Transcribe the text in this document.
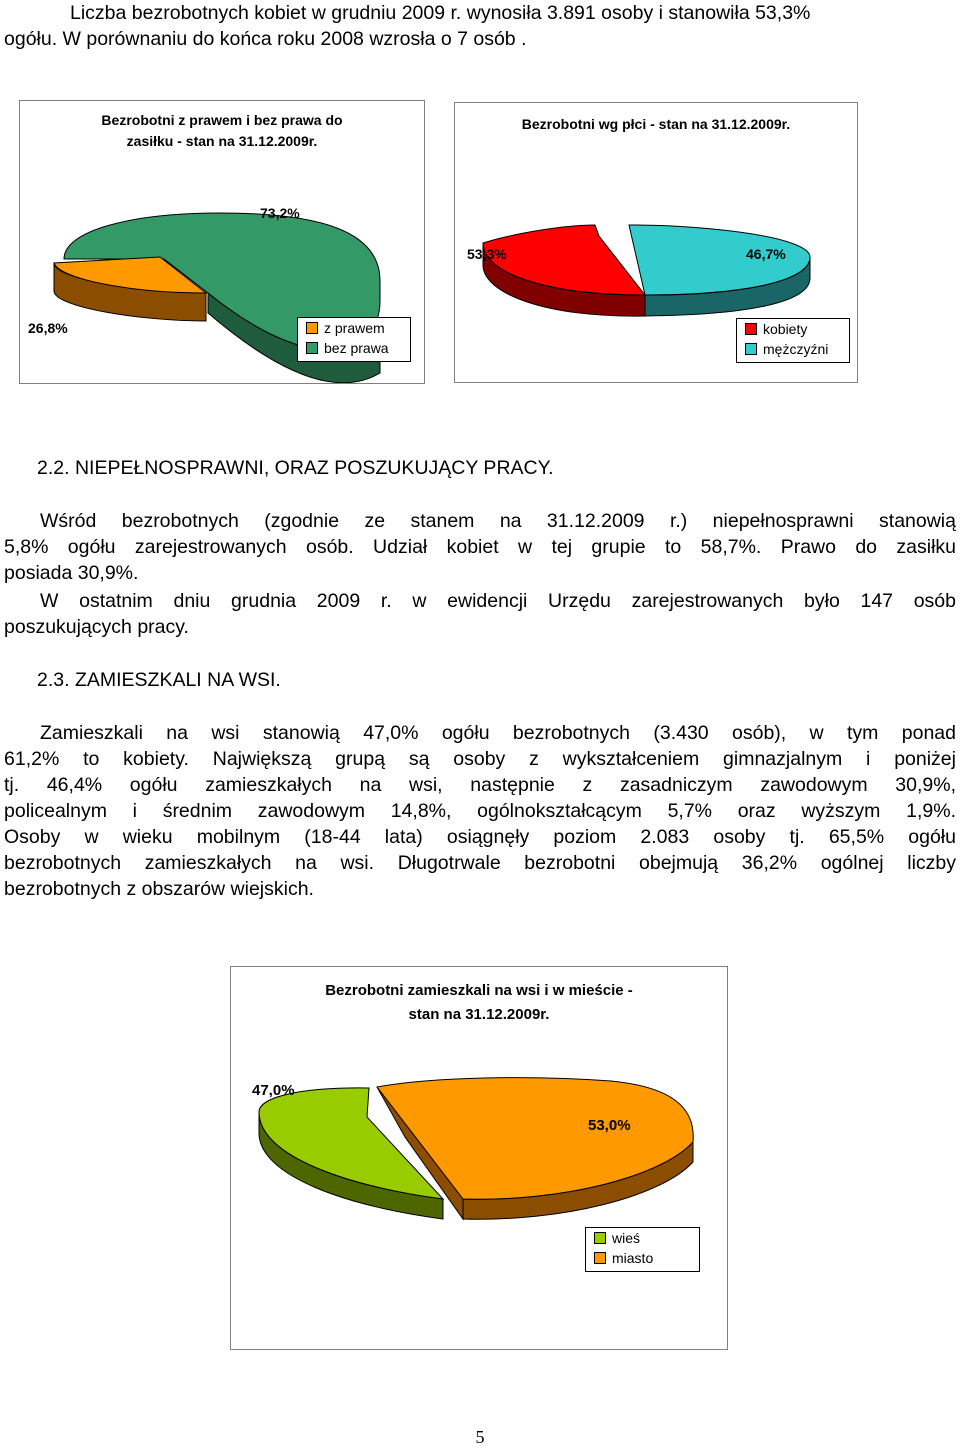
Liczba bezrobotnych kobiet w grudniu 2009 r. wynosiła 3.891 osoby i stanowiła 53,3%
ogółu. W porównaniu do końca roku 2008 wzrosła o 7 osób .
Bezrobotni z prawem i bez prawa do
zasiłku - stan na 31.12.2009r.
73,2%
26,8%	z prawem
bez prawa
Bezrobotni wg płci - stan na 31.12.2009r.
53,3%	46,7%
kobiety
mężczyźni
2.2. NIEPEŁNOSPRAWNI, ORAZ POSZUKUJĄCY PRACY.
Wśród bezrobotnych (zgodnie ze stanem na 31.12.2009 r.) niepełnosprawni stanowią
5,8% ogółu zarejestrowanych osób. Udział kobiet w tej grupie to 58,7%. Prawo do zasiłku
posiada 30,9%.
W ostatnim dniu grudnia 2009 r. w ewidencji Urzędu zarejestrowanych było 147 osób
poszukujących pracy.
2.3. ZAMIESZKALI NA WSI.
Zamieszkali na wsi stanowią 47,0% ogółu bezrobotnych (3.430 osób), w tym ponad
61,2% to kobiety. Największą grupą są osoby z wykształceniem gimnazjalnym i poniżej
tj. 46,4% ogółu zamieszkałych na wsi, następnie z zasadniczym zawodowym 30,9%,
policealnym i średnim zawodowym 14,8%, ogólnokształcącym 5,7% oraz wyższym 1,9%.
Osoby w wieku mobilnym (18-44 lata) osiągnęły poziom 2.083 osoby tj. 65,5% ogółu
bezrobotnych zamieszkałych na wsi. Długotrwale bezrobotni obejmują 36,2% ogólnej liczby
bezrobotnych z obszarów wiejskich.
Bezrobotni zamieszkali na wsi i w mieście -
stan na 31.12.2009r.
47,0%
53,0%
wieś
miasto
5
